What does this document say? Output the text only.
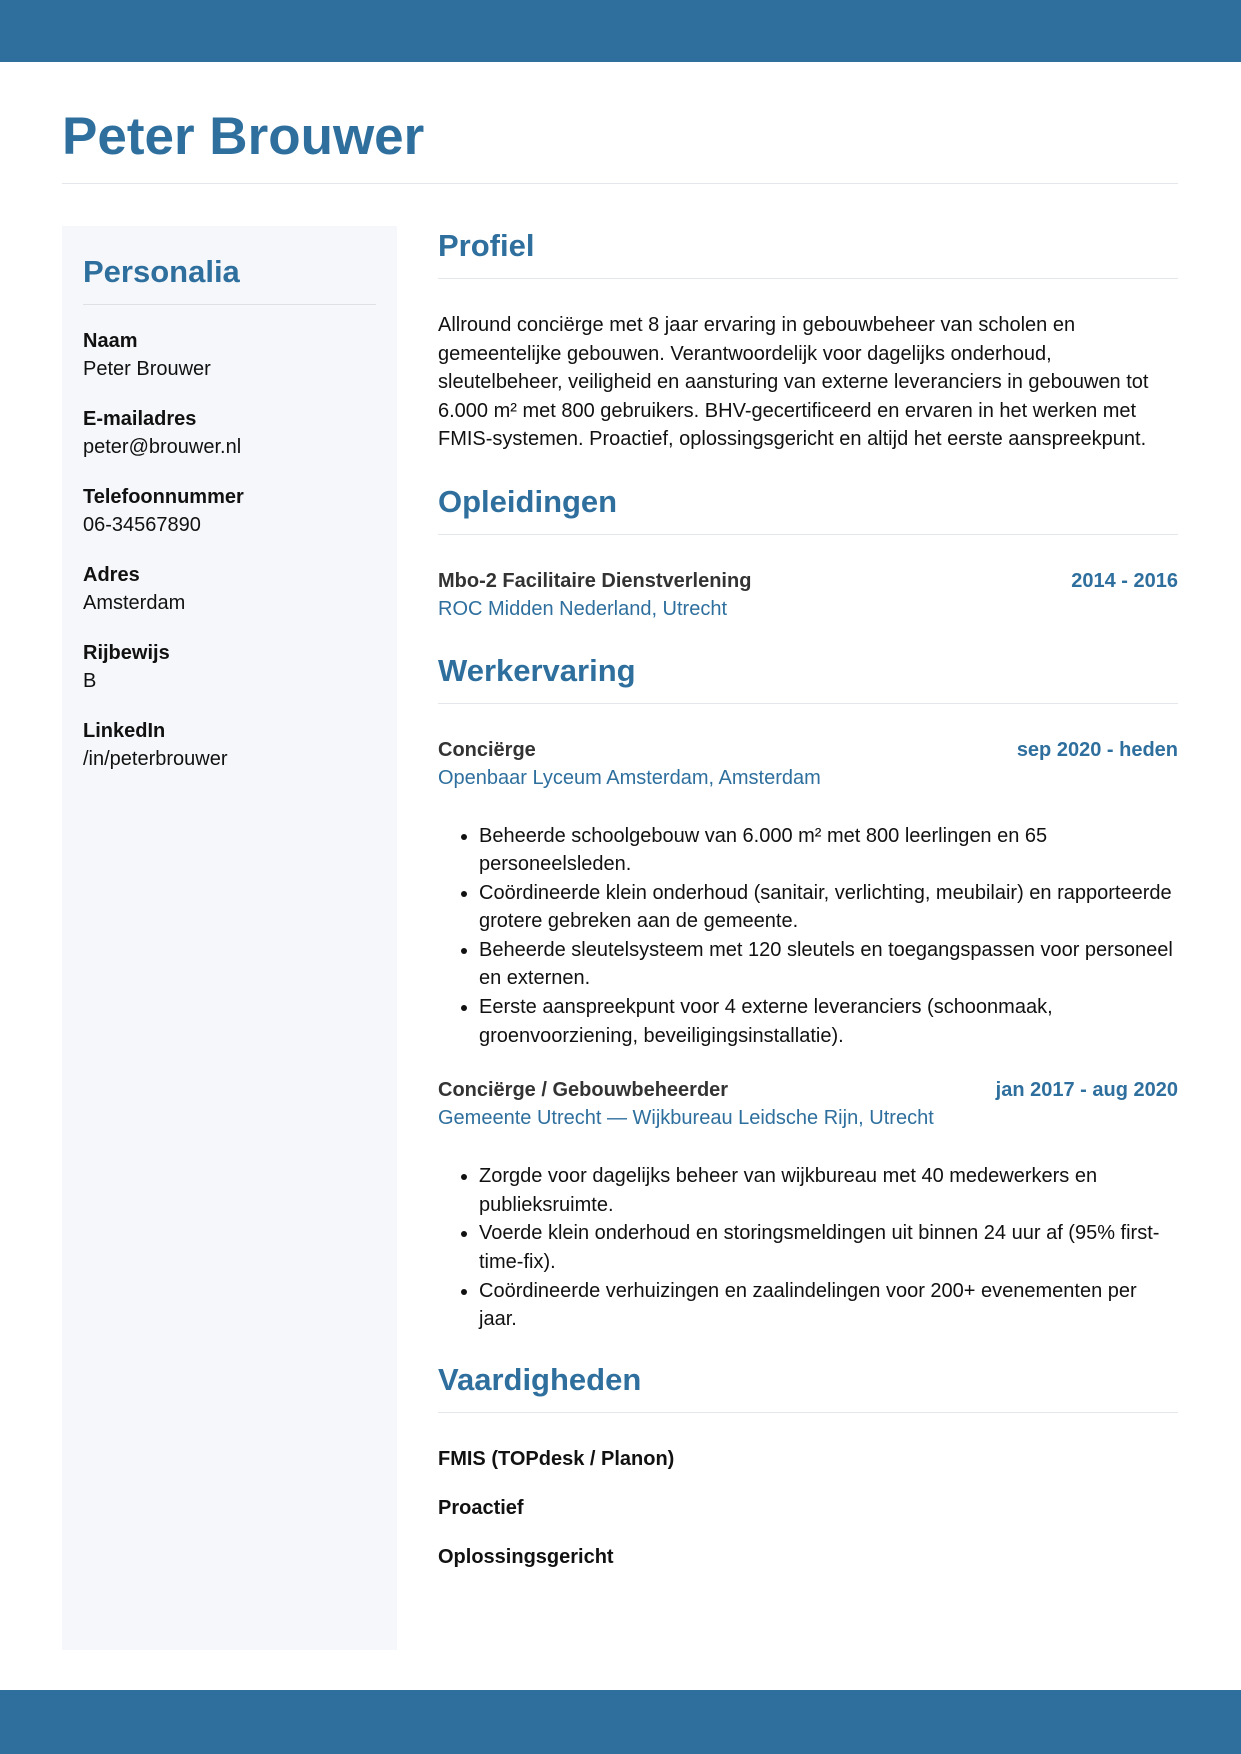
Peter Brouwer
Personalia
Naam
Peter Brouwer
E-mailadres
peter@brouwer.nl
Telefoonnummer
06-34567890
Adres
Amsterdam
Rijbewijs
B
LinkedIn
/in/peterbrouwer
Profiel

Allround conciërge met 8 jaar ervaring in gebouwbeheer van scholen en gemeentelijke gebouwen. Verantwoordelijk voor dagelijks onderhoud, sleutelbeheer, veiligheid en aansturing van externe leveranciers in gebouwen tot 6.000 m² met 800 gebruikers. BHV-gecertificeerd en ervaren in het werken met FMIS-systemen. Proactief, oplossingsgericht en altijd het eerste aanspreekpunt.

Opleidingen
Mbo-2 Facilitaire Dienstverlening	2014 - 2016
ROC Midden Nederland, Utrecht
Werkervaring
Conciërge	sep 2020 - heden
Openbaar Lyceum Amsterdam, Amsterdam
• Beheerde schoolgebouw van 6.000 m² met 800 leerlingen en 65 personeelsleden.
• Coördineerde klein onderhoud (sanitair, verlichting, meubilair) en rapporteerde grotere gebreken aan de gemeente.
• Beheerde sleutelsysteem met 120 sleutels en toegangspassen voor personeel en externen.
• Eerste aanspreekpunt voor 4 externe leveranciers (schoonmaak, groenvoorziening, beveiligingsinstallatie).
Conciërge / Gebouwbeheerder	jan 2017 - aug 2020
Gemeente Utrecht — Wijkbureau Leidsche Rijn, Utrecht
• Zorgde voor dagelijks beheer van wijkbureau met 40 medewerkers en publieksruimte.
• Voerde klein onderhoud en storingsmeldingen uit binnen 24 uur af (95% first-time-fix).
• Coördineerde verhuizingen en zaalindelingen voor 200+ evenementen per jaar.
Vaardigheden
FMIS (TOPdesk / Planon)
Proactief
Oplossingsgericht
